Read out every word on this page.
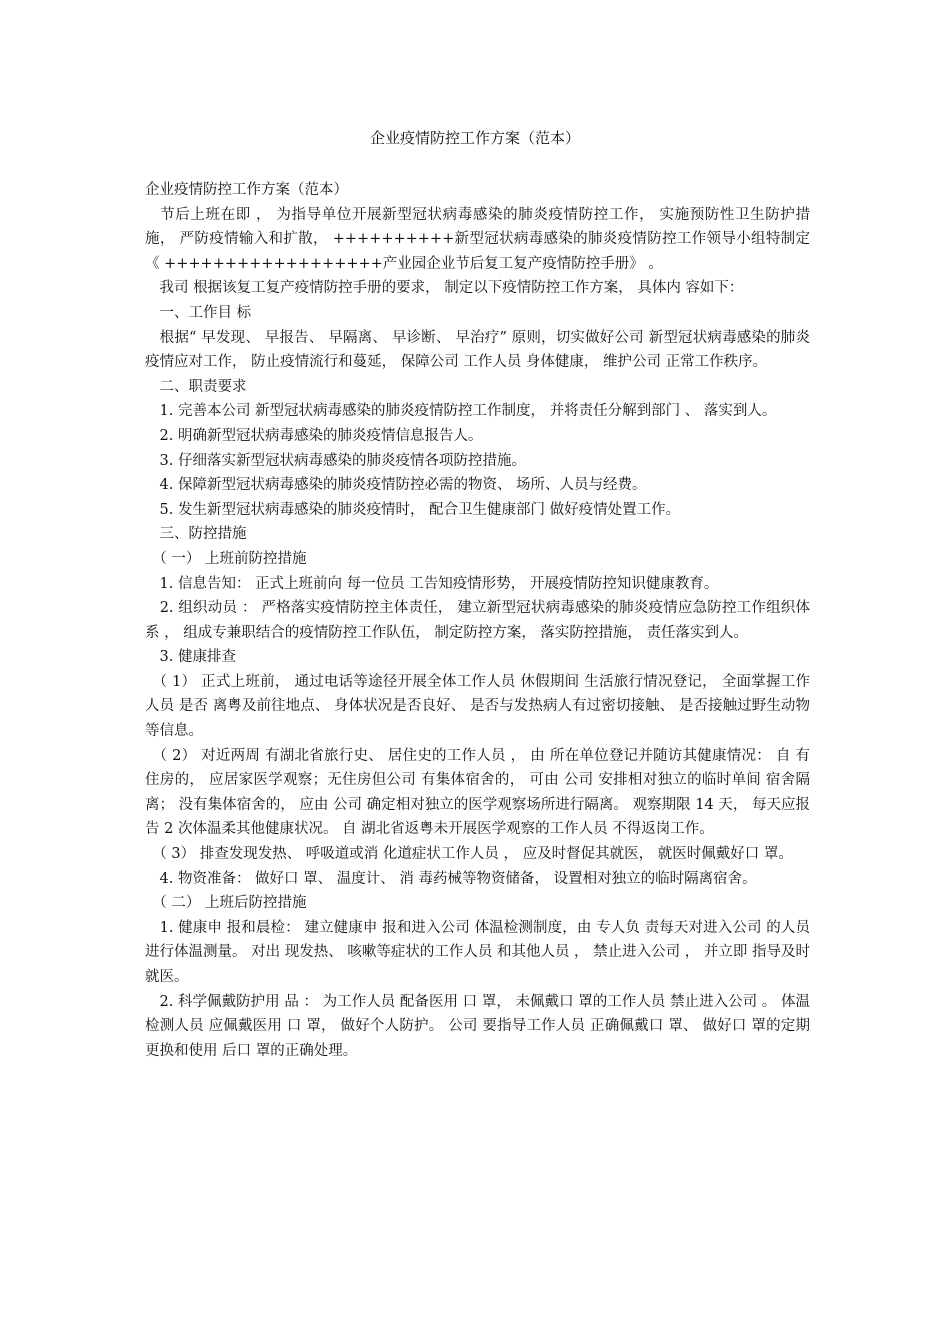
企业疫情防控工作方案（范本）

企业疫情防控工作方案（范本）

　节后上班在即 ， 为指导单位开展新型冠状病毒感染的肺炎疫情防控工作， 实施预防性卫生防护措施， 严防疫情输入和扩散， ++++++++++新型冠状病毒感染的肺炎疫情防控工作领导小组特制定《 ++++++++++++++++++产业园企业节后复工复产疫情防控手册》 。

　我司 根据该复工复产疫情防控手册的要求， 制定以下疫情防控工作方案， 具体内 容如下：

　一、工作目 标

　根据“ 早发现、 早报告、 早隔离、 早诊断、 早治疗” 原则，切实做好公司 新型冠状病毒感染的肺炎疫情应对工作， 防止疫情流行和蔓延， 保障公司 工作人员 身体健康， 维护公司 正常工作秩序。

　二、职责要求

　1. 完善本公司 新型冠状病毒感染的肺炎疫情防控工作制度， 并将责任分解到部门 、 落实到人。

　2. 明确新型冠状病毒感染的肺炎疫情信息报告人。

　3. 仔细落实新型冠状病毒感染的肺炎疫情各项防控措施。

　4. 保障新型冠状病毒感染的肺炎疫情防控必需的物资、 场所、人员与经费。

　5. 发生新型冠状病毒感染的肺炎疫情时， 配合卫生健康部门 做好疫情处置工作。

　三、防控措施

　（ 一） 上班前防控措施

　1. 信息告知： 正式上班前向 每一位员 工告知疫情形势， 开展疫情防控知识健康教育。

　2. 组织动员 ： 严格落实疫情防控主体责任， 建立新型冠状病毒感染的肺炎疫情应急防控工作组织体系 ， 组成专兼职结合的疫情防控工作队伍， 制定防控方案， 落实防控措施， 责任落实到人。

　3. 健康排查

　（ 1） 正式上班前， 通过电话等途径开展全体工作人员 休假期间 生活旅行情况登记， 全面掌握工作人员 是否 离粤及前往地点、 身体状况是否良好、 是否与发热病人有过密切接触、 是否接触过野生动物等信息。

　（ 2） 对近两周 有湖北省旅行史、 居住史的工作人员 ， 由 所在单位登记并随访其健康情况： 自 有住房的， 应居家医学观察；无住房但公司 有集体宿舍的， 可由 公司 安排相对独立的临时单间 宿舍隔离； 没有集体宿舍的， 应由 公司 确定相对独立的医学观察场所进行隔离。 观察期限 14 天， 每天应报告 2 次体温柔其他健康状况。 自 湖北省返粤未开展医学观察的工作人员 不得返岗工作。

　（ 3） 排查发现发热、 呼吸道或消 化道症状工作人员 ， 应及时督促其就医， 就医时佩戴好口 罩。

　4. 物资准备： 做好口 罩、 温度计、 消 毒药械等物资储备， 设置相对独立的临时隔离宿舍。

　（ 二） 上班后防控措施

　1. 健康申 报和晨检： 建立健康申 报和进入公司 体温检测制度，由 专人负 责每天对进入公司 的人员 进行体温测量。 对出 现发热、 咳嗽等症状的工作人员 和其他人员 ， 禁止进入公司 ， 并立即 指导及时就医。

　2. 科学佩戴防护用 品 ： 为工作人员 配备医用 口 罩， 未佩戴口 罩的工作人员 禁止进入公司 。 体温检测人员 应佩戴医用 口 罩， 做好个人防护。 公司 要指导工作人员 正确佩戴口 罩、 做好口 罩的定期更换和使用 后口 罩的正确处理。
